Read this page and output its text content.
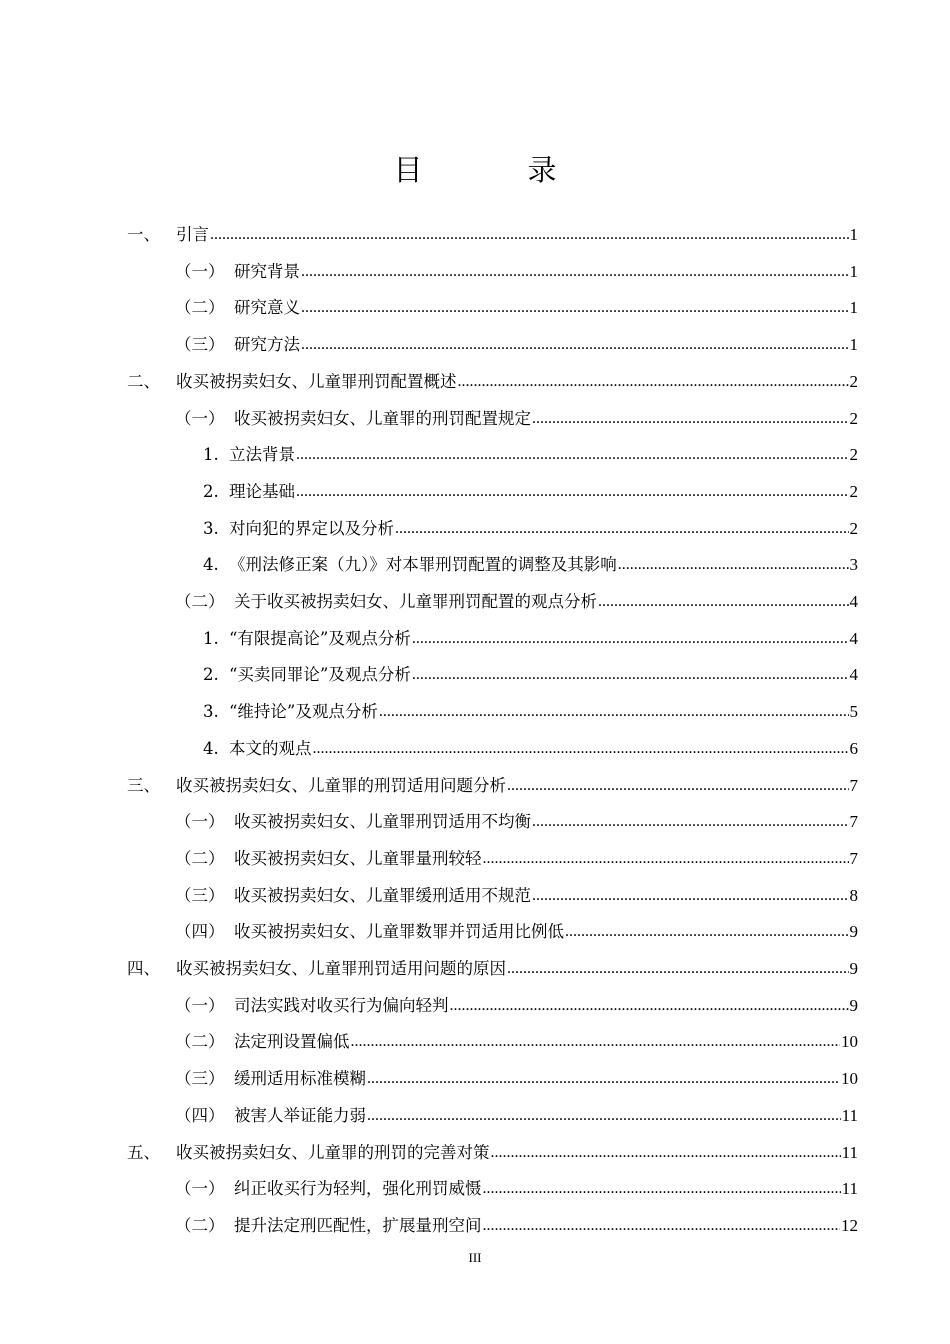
目　录
一、 引言 .....	1
（一） 研究背景 .....	1
（二） 研究意义 .....	1
（三） 研究方法 .....	1
二、 收买被拐卖妇女、儿童罪刑罚配置概述 .....	2
（一） 收买被拐卖妇女、儿童罪的刑罚配置规定 .....	2
1. 立法背景 .....	2
2. 理论基础 .....	2
3. 对向犯的界定以及分析 .....	2
4. 《刑法修正案（九）》对本罪刑罚配置的调整及其影响 .....	3
（二） 关于收买被拐卖妇女、儿童罪刑罚配置的观点分析 .....	4
1. “有限提高论”及观点分析 .....	4
2. “买卖同罪论”及观点分析 .....	4
3. “维持论”及观点分析 .....	5
4. 本文的观点 .....	6
三、 收买被拐卖妇女、儿童罪的刑罚适用问题分析 .....	7
（一） 收买被拐卖妇女、儿童罪刑罚适用不均衡 .....	7
（二） 收买被拐卖妇女、儿童罪量刑较轻 .....	7
（三） 收买被拐卖妇女、儿童罪缓刑适用不规范 .....	8
（四） 收买被拐卖妇女、儿童罪数罪并罚适用比例低 .....	9
四、 收买被拐卖妇女、儿童罪刑罚适用问题的原因 .....	9
（一） 司法实践对收买行为偏向轻判 .....	9
（二） 法定刑设置偏低 .....	10
（三） 缓刑适用标准模糊 .....	10
（四） 被害人举证能力弱 .....	11
五、 收买被拐卖妇女、儿童罪的刑罚的完善对策 .....	11
（一） 纠正收买行为轻判，强化刑罚威慑 .....	11
（二） 提升法定刑匹配性，扩展量刑空间 .....	12
III
